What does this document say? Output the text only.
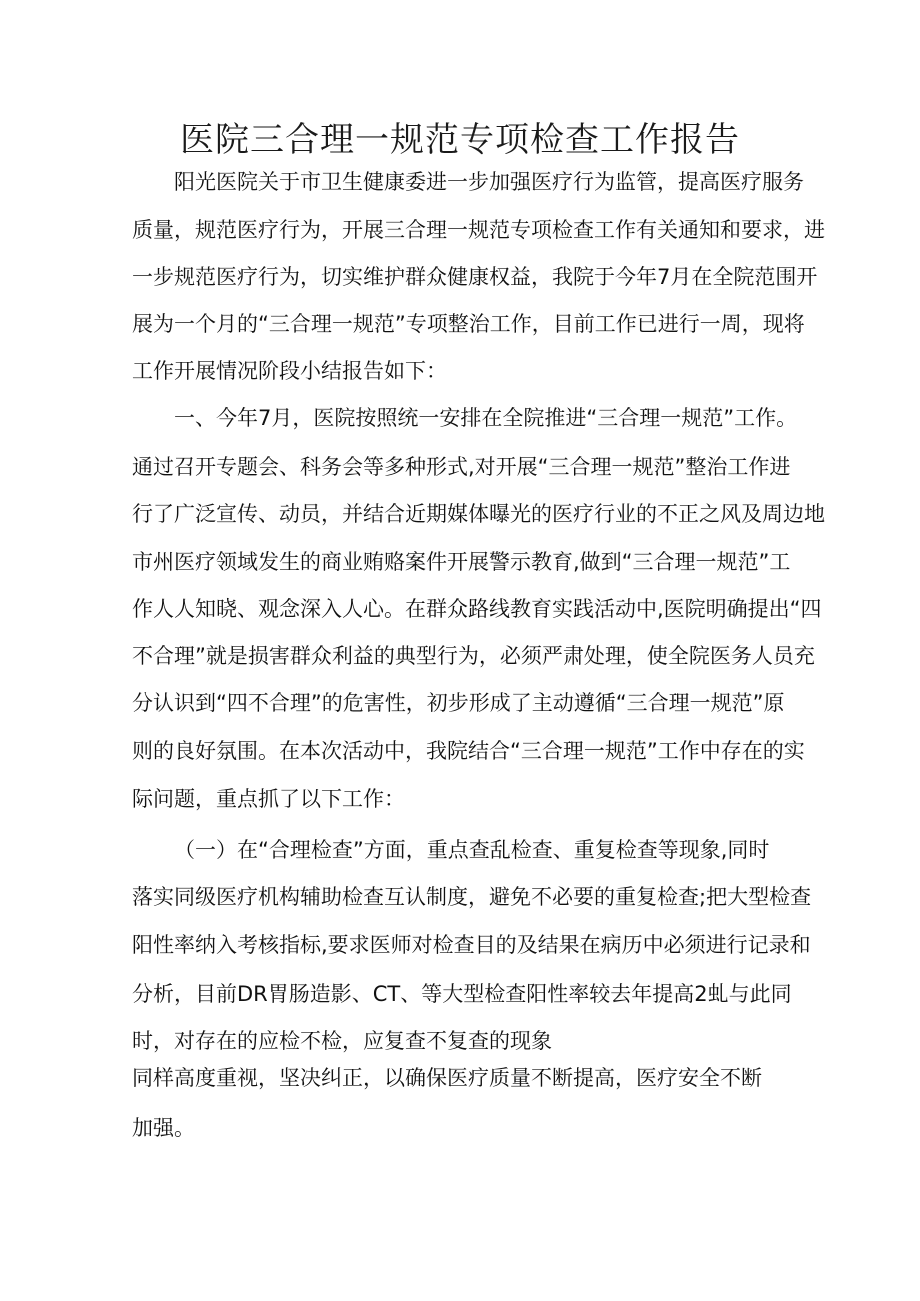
医院三合理一规范专项检查工作报告

阳光医院关于市卫生健康委进一步加强医疗行为监管，提高医疗服务

质量，规范医疗行为，开展三合理一规范专项检查工作有关通知和要求，进

一步规范医疗行为，切实维护群众健康权益，我院于今年7月在全院范围开

展为一个月的“三合理一规范”专项整治工作，目前工作已进行一周，现将

工作开展情况阶段小结报告如下：

一、今年7月，医院按照统一安排在全院推进“三合理一规范”工作。

通过召开专题会、科务会等多种形式,对开展“三合理一规范”整治工作进

行了广泛宣传、动员，并结合近期媒体曝光的医疗行业的不正之风及周边地

市州医疗领域发生的商业贿赂案件开展警示教育,做到“三合理一规范”工

作人人知晓、观念深入人心。在群众路线教育实践活动中,医院明确提出“四

不合理”就是损害群众利益的典型行为，必须严肃处理，使全院医务人员充

分认识到“四不合理”的危害性，初步形成了主动遵循“三合理一规范”原

则的良好氛围。在本次活动中，我院结合“三合理一规范”工作中存在的实

际问题，重点抓了以下工作：

（一）在“合理检查”方面，重点查乱检查、重复检查等现象,同时

落实同级医疗机构辅助检查互认制度，避免不必要的重复检查;把大型检查

阳性率纳入考核指标,要求医师对检查目的及结果在病历中必须进行记录和

分析，目前DR胃肠造影、CT、等大型检查阳性率较去年提高2虬与此同

时，对存在的应检不检，应复查不复查的现象

同样高度重视，坚决纠正，以确保医疗质量不断提高，医疗安全不断

加强。
